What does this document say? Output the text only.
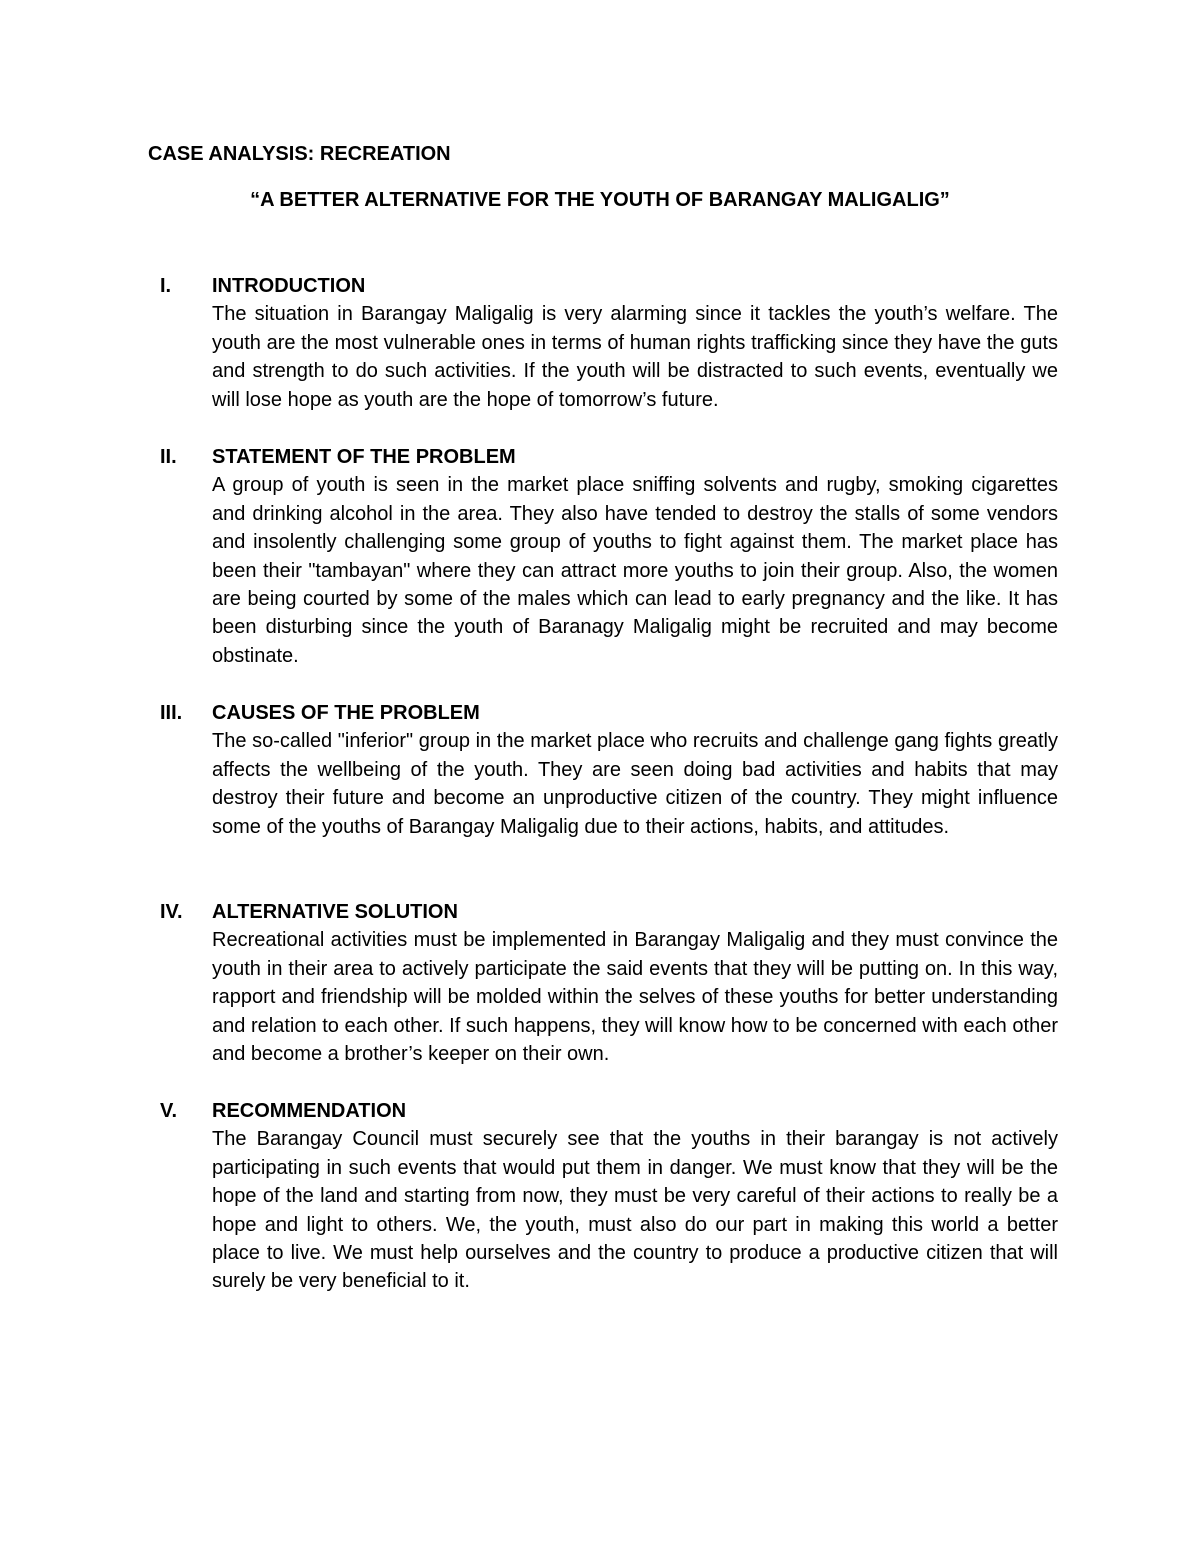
CASE ANALYSIS: RECREATION
“A BETTER ALTERNATIVE FOR THE YOUTH OF BARANGAY MALIGALIG”
I. INTRODUCTION
The situation in Barangay Maligalig is very alarming since it tackles the youth’s welfare. The youth are the most vulnerable ones in terms of human rights trafficking since they have the guts and strength to do such activities. If the youth will be distracted to such events, eventually we will lose hope as youth are the hope of tomorrow’s future.
II. STATEMENT OF THE PROBLEM
A group of youth is seen in the market place sniffing solvents and rugby, smoking cigarettes and drinking alcohol in the area. They also have tended to destroy the stalls of some vendors and insolently challenging some group of youths to fight against them. The market place has been their "tambayan" where they can attract more youths to join their group. Also, the women are being courted by some of the males which can lead to early pregnancy and the like. It has been disturbing since the youth of Baranagy Maligalig might be recruited and may become obstinate.
III. CAUSES OF THE PROBLEM
The so-called "inferior" group in the market place who recruits and challenge gang fights greatly affects the wellbeing of the youth. They are seen doing bad activities and habits that may destroy their future and become an unproductive citizen of the country. They might influence some of the youths of Barangay Maligalig due to their actions, habits, and attitudes.
IV. ALTERNATIVE SOLUTION
Recreational activities must be implemented in Barangay Maligalig and they must convince the youth in their area to actively participate the said events that they will be putting on. In this way, rapport and friendship will be molded within the selves of these youths for better understanding and relation to each other. If such happens, they will know how to be concerned with each other and become a brother’s keeper on their own.
V. RECOMMENDATION
The Barangay Council must securely see that the youths in their barangay is not actively participating in such events that would put them in danger. We must know that they will be the hope of the land and starting from now, they must be very careful of their actions to really be a hope and light to others. We, the youth, must also do our part in making this world a better place to live. We must help ourselves and the country to produce a productive citizen that will surely be very beneficial to it.
